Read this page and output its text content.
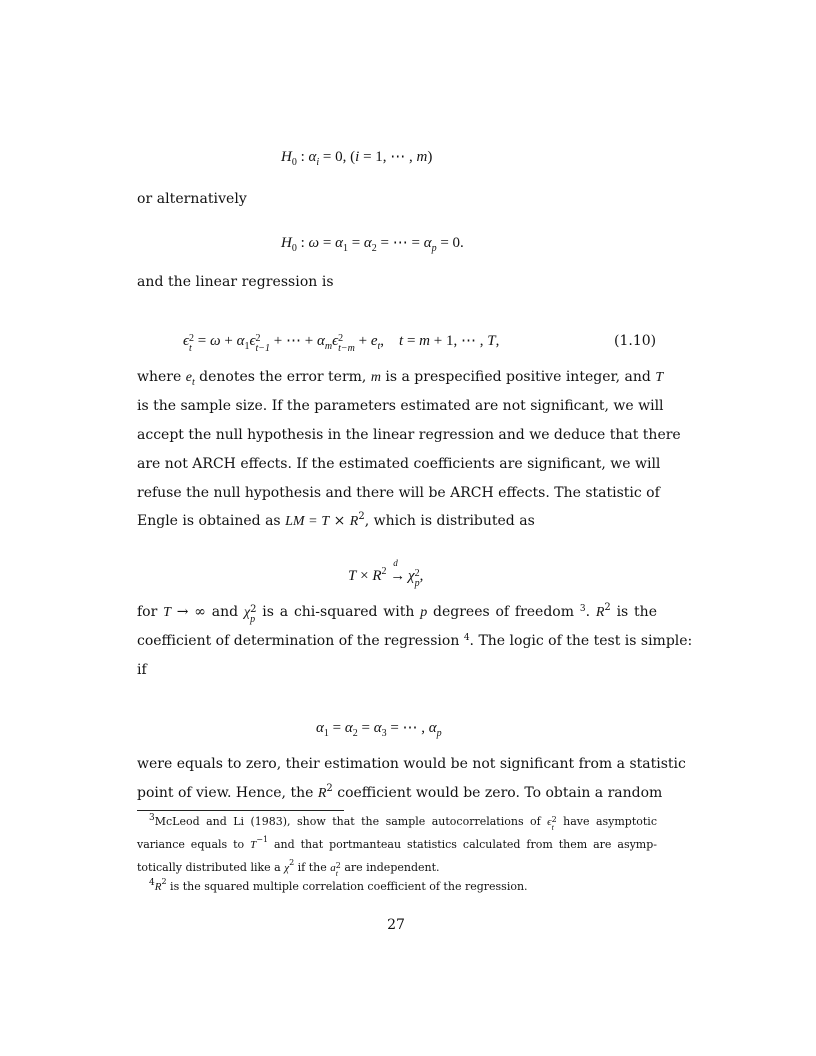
$H_0$ : $\alpha_i = 0$, (i = 1, ⋯ , m)
or alternatively
$H_0$ : $\omega = \alpha_1 = \alpha_2$ = ⋯ = $\alpha_p = 0$.
and the linear regression is
ϵ 2
$t = \omega + \alpha_1\epsilon$ 2
t−1 + ⋯ + $\alpha_m\epsilon$ 2
$t-m + e_t$, t = m + 1, ⋯ , T,	(1.10)
where $e_t$ denotes the error term, m is a prespecified positive integer, and T
is the sample size. If the parameters estimated are not significant, we will
accept the null hypothesis in the linear regression and we deduce that there
are not ARCH effects. If the estimated coefficients are significant, we will
refuse the null hypothesis and there will be ARCH effects. The statistic of
Engle is obtained as LM = $T \times R^2$, which is distributed as
$T \times R^2$
d
→ χ 2
p ,
for T → ∞ and χ 2
p is a chi-squared with p degrees of freedom $^3$. $R^2$ is the
coefficient of determination of the regression $^4$. The logic of the test is simple:
if
$\alpha_1 = \alpha_2 = \alpha_3$ = ⋯ , $\alpha_p$
were equals to zero, their estimation would be not significant from a statistic
point of view. Hence, the $R^2$ coefficient would be zero. To obtain a random
$^3$McLeod and Li (1983), show that the sample autocorrelations of ϵ 2
t have asymptotic
variance equals to $T^{-1}$ and that portmanteau statistics calculated from them are asymp-
totically distributed like a $\chi^2$ if the a 2
t are independent.
$^4R^2$ is the squared multiple correlation coefficient of the regression.
27
